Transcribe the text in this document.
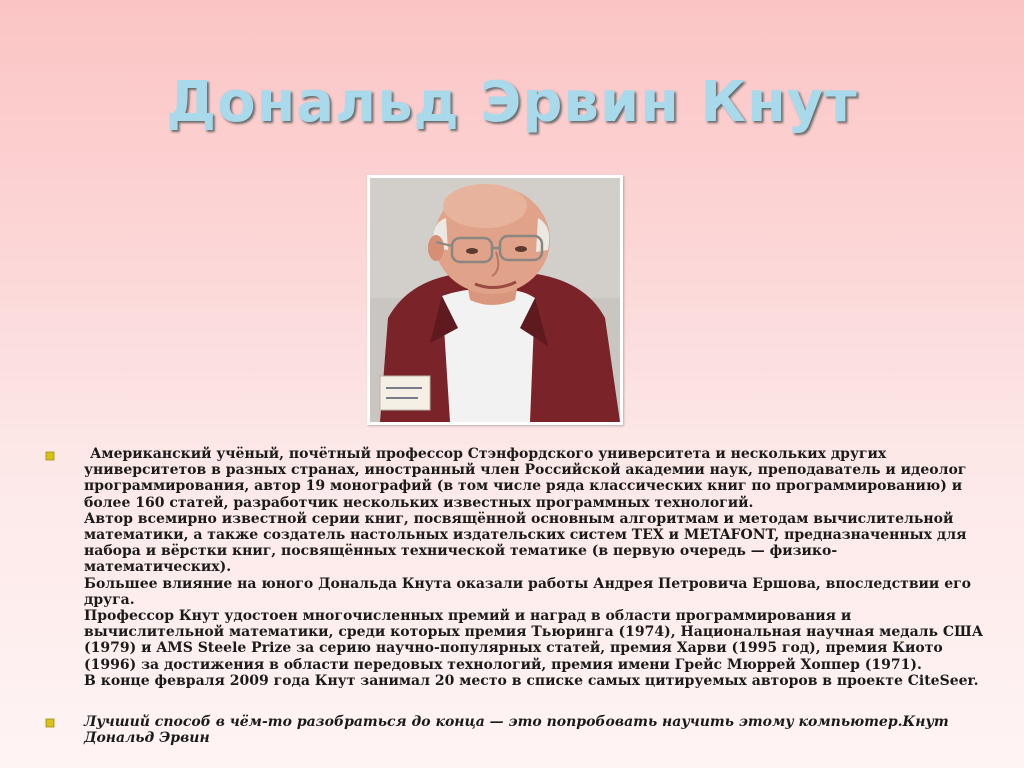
Дональд Эрвин Кнут

Американский учёный, почётный профессор Стэнфордского университета и нескольких других университетов в разных странах, иностранный член Российской академии наук, преподаватель и идеолог программирования, автор 19 монографий (в том числе ряда классических книг по программированию) и более 160 статей, разработчик нескольких известных программных технологий.

Автор всемирно известной серии книг, посвящённой основным алгоритмам и методам вычислительной математики, а также создатель настольных издательских систем TEX и METAFONT, предназначенных для набора и вёрстки книг, посвящённых технической тематике (в первую очередь — физико-математических).

Большее влияние на юного Дональда Кнута оказали работы Андрея Петровича Ершова, впоследствии его друга.

Профессор Кнут удостоен многочисленных премий и наград в области программирования и вычислительной математики, среди которых премия Тьюринга (1974), Национальная научная медаль США (1979) и AMS Steele Prize за серию научно-популярных статей, премия Харви (1995 год), премия Киото (1996) за достижения в области передовых технологий, премия имени Грейс Мюррей Хоппер (1971).

В конце февраля 2009 года Кнут занимал 20 место в списке самых цитируемых авторов в проекте CiteSeer.

Лучший способ в чём-то разобраться до конца — это попробовать научить этому компьютер.Кнут Дональд Эрвин
